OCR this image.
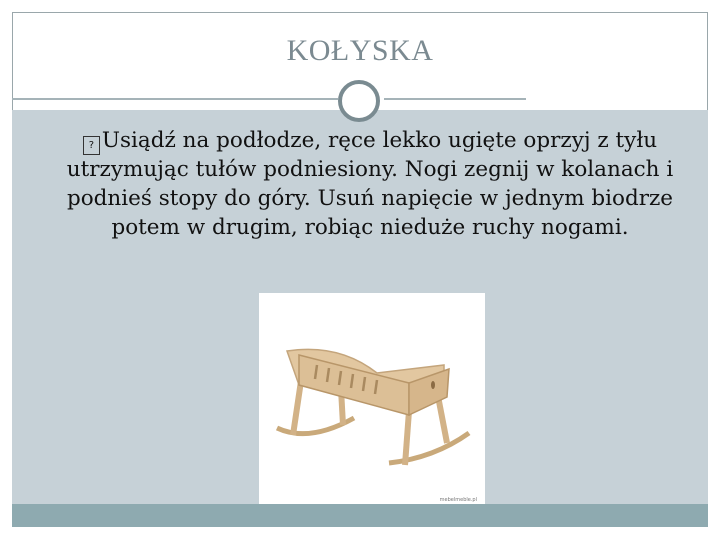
KOŁYSKA
? Usiądź na podłodze, ręce lekko ugięte oprzyj z tyłu utrzymując tułów podniesiony. Nogi zegnij w kolanach i podnieś stopy do góry. Usuń napięcie w jednym biodrze potem w drugim, robiąc nieduże ruchy nogami.
mebelmeble.pl
